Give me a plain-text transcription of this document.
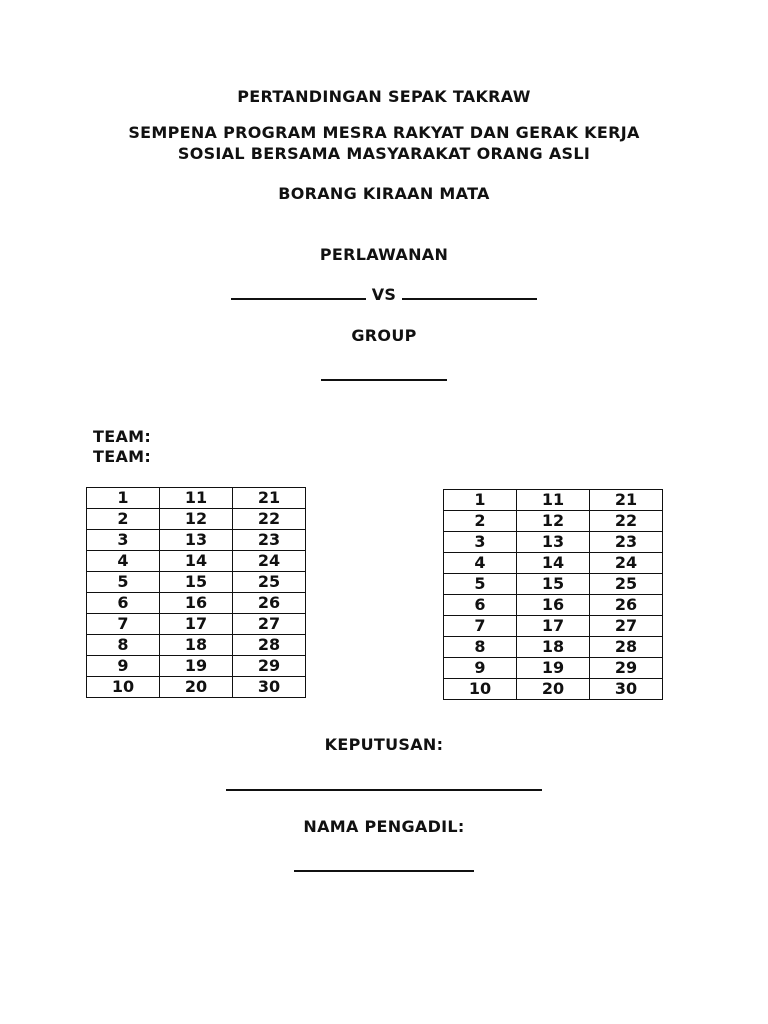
PERTANDINGAN SEPAK TAKRAW
SEMPENA PROGRAM MESRA RAKYAT DAN GERAK KERJA
SOSIAL BERSAMA MASYARAKAT ORANG ASLI
BORANG KIRAAN MATA
PERLAWANAN
VS
GROUP
TEAM:
TEAM:
1	11	21
2	12	22
3	13	23
4	14	24
5	15	25
6	16	26
7	17	27
8	18	28
9	19	29
10	20	30
1	11	21
2	12	22
3	13	23
4	14	24
5	15	25
6	16	26
7	17	27
8	18	28
9	19	29
10	20	30
KEPUTUSAN:
NAMA PENGADIL:
